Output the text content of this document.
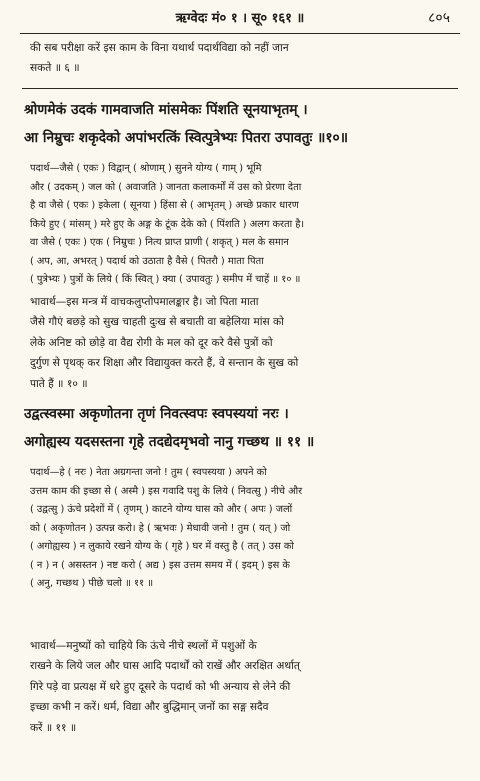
ऋग्वेदः मं० १ । सू० १६१ ॥	८०५
की सब परीक्षा करें इस काम के विना यथार्थ पदार्थविद्या को नहीं जान
सकते ॥ ६ ॥
श्रोणमेकं उदकं गामवाजति मांसमेकः पिंशति सूनयाभृतम् ।
आ निम्रुचः शकृदेको अपांभरत्किं स्वित्पुत्रेभ्यः पितरा उपावतुः ॥१०॥
पदार्थ—जैसे ( एकः ) विद्वान् ( श्रोणाम् ) सुनने योग्य ( गाम् ) भूमि
और ( उदकम् ) जल को ( अवाजति ) जानता कलाकर्मों में उस को प्रेरणा देता
है वा जैसे ( एकः ) इकेला ( सूनया ) हिंसा से ( आभृतम् ) अच्छे प्रकार धारण
किये हुए ( मांसम् ) मरे हुए के अङ्ग के टूंक देके को ( पिंशति ) अलग करता है।
वा जैसे ( एकः ) एक ( निम्रुचः ) नित्य प्राप्त प्राणी ( शकृत् ) मल के समान
( अप, आ, अभरत् ) पदार्थ को उठाता है वैसे ( पितरौ ) माता पिता
( पुत्रेभ्यः ) पुत्रों के लिये ( किं स्वित् ) क्या ( उपावतुः ) समीप में चाहें ॥ १० ॥
भावार्थ—इस मन्त्र में वाचकलुप्तोपमालङ्कार है। जो पिता माता
जैसे गौएं बछड़े को सुख चाहती दुःख से बचाती वा बहेलिया मांस को
लेके अनिष्ट को छोड़े वा वैद्य रोगी के मल को दूर करे वैसे पुत्रों को
दुर्गुण से पृथक् कर शिक्षा और विद्यायुक्त करते हैं, वे सन्तान के सुख को
पाते हैं ॥ १० ॥
उद्वत्स्वस्मा अकृणोतना तृणं निवत्स्वपः स्वपस्ययां नरः ।
अगोह्यस्य यदसस्तना गृहे तदद्येदमृभवो नानु गच्छथ ॥ ११ ॥
पदार्थ—हे ( नरः ) नेता अग्रगन्ता जनो ! तुम ( स्वपस्यया ) अपने को
उत्तम काम की इच्छा से ( अस्मै ) इस गवादि पशु के लिये ( निवत्सु ) नीचे और
( उद्वत्सु ) ऊंचे प्रदेशों में ( तृणम् ) काटने योग्य घास को और ( अपः ) जलों
को ( अकृणोतन ) उत्पन्न करो। हे ( ऋभवः ) मेधावी जनो ! तुम ( यत् ) जो
( अगोह्यस्य ) न लुकाये रखने योग्य के ( गृहे ) घर में वस्तु है ( तत् ) उस को
( न ) न ( असस्तन ) नष्ट करो ( अद्य ) इस उत्तम समय में ( इदम् ) इस के
( अनु, गच्छथ ) पीछे चलो ॥ ११ ॥
भावार्थ—मनुष्यों को चाहिये कि ऊंचे नीचे स्थलों में पशुओं के
राखने के लिये जल और घास आदि पदार्थों को राखें और अरक्षित अर्थात्
गिरे पड़े वा प्रत्यक्ष में धरे हुए दूसरे के पदार्थ को भी अन्याय से लेने की
इच्छा कभी न करें। धर्म, विद्या और बुद्धिमान् जनों का सङ्ग सदैव
करें ॥ ११ ॥
